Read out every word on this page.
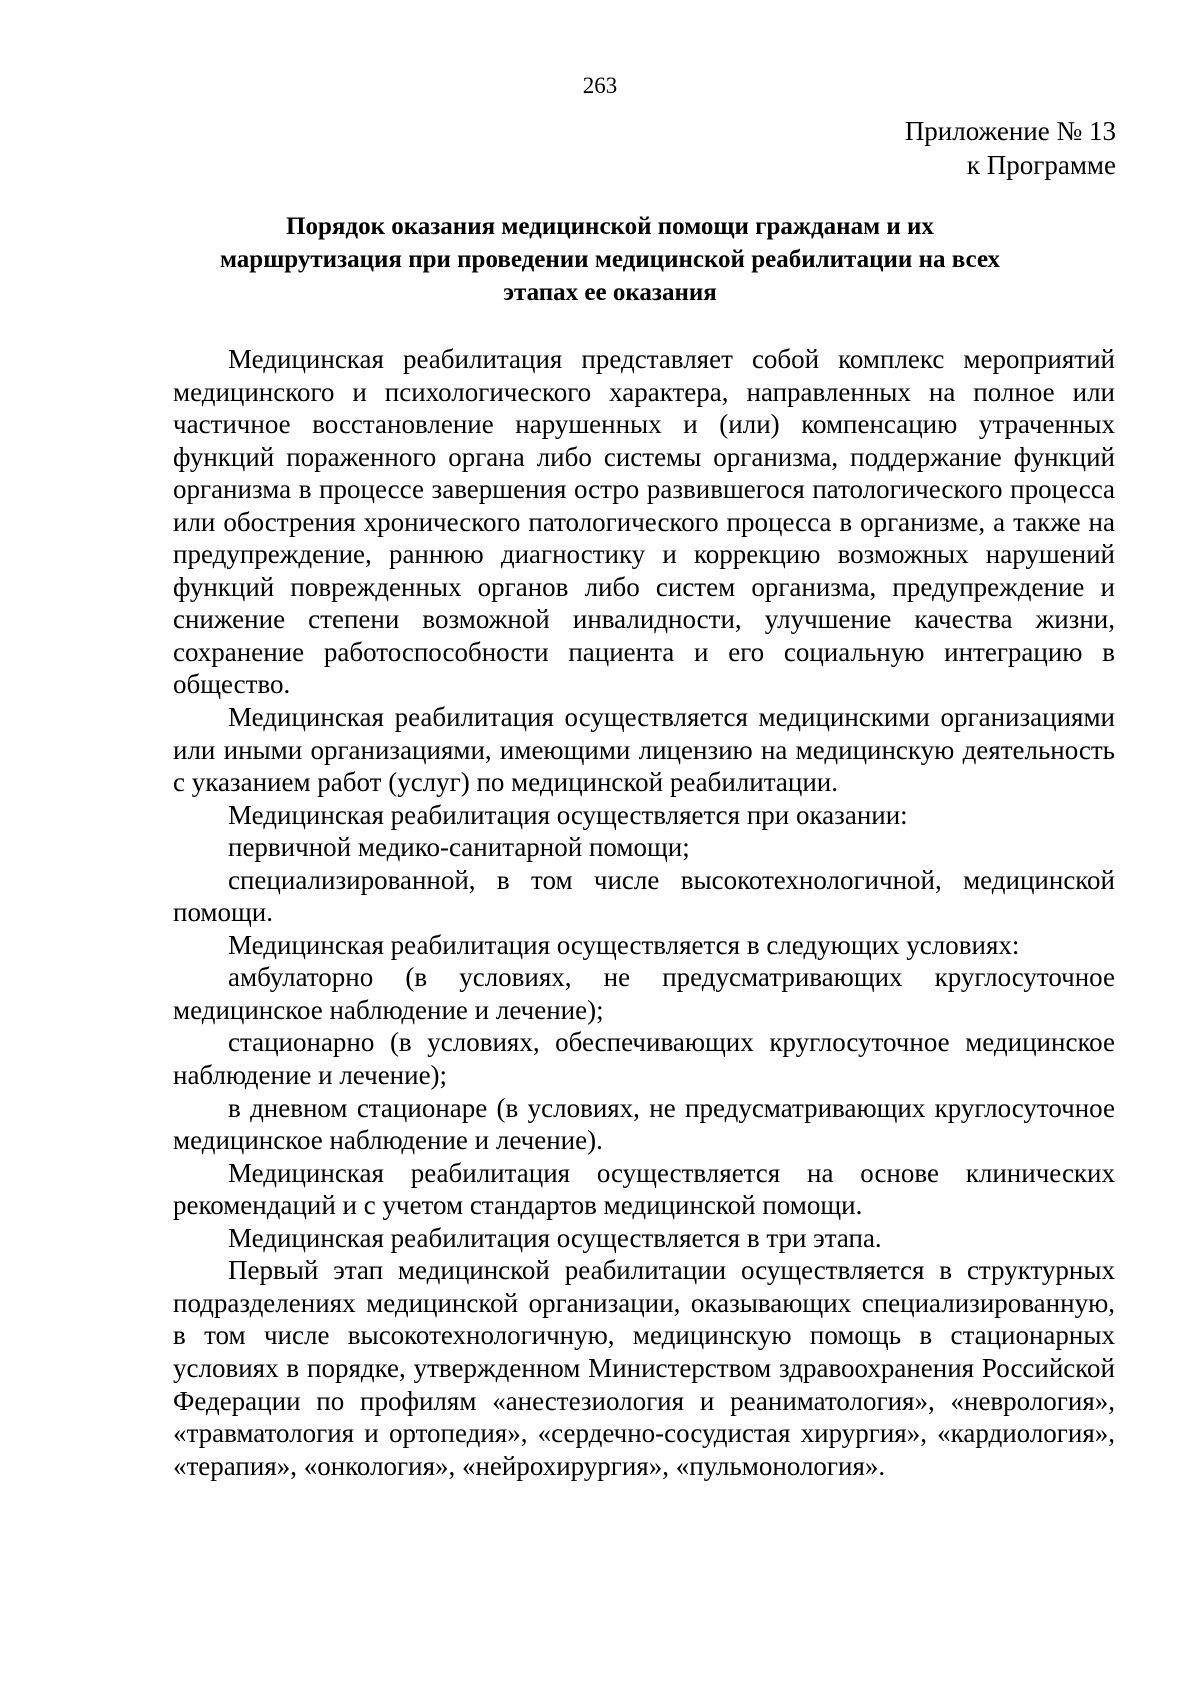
263
Приложение № 13
к Программе
Порядок оказания медицинской помощи гражданам и их
маршрутизация при проведении медицинской реабилитации на всех
этапах ее оказания

Медицинская реабилитация представляет собой комплекс мероприятий медицинского и психологического характера, направленных на полное или частичное восстановление нарушенных и (или) компенсацию утраченных функций пораженного органа либо системы организма, поддержание функций организма в процессе завершения остро развившегося патологического процесса или обострения хронического патологического процесса в организме, а также на предупреждение, раннюю диагностику и коррекцию возможных нарушений функций поврежденных органов либо систем организма, предупреждение и снижение степени возможной инвалидности, улучшение качества жизни, сохранение работоспособности пациента и его социальную интеграцию в общество.

Медицинская реабилитация осуществляется медицинскими организациями или иными организациями, имеющими лицензию на медицинскую деятельность с указанием работ (услуг) по медицинской реабилитации.

Медицинская реабилитация осуществляется при оказании:

первичной медико-санитарной помощи;

специализированной, в том числе высокотехнологичной, медицинской помощи.

Медицинская реабилитация осуществляется в следующих условиях:

амбулаторно (в условиях, не предусматривающих круглосуточное медицинское наблюдение и лечение);

стационарно (в условиях, обеспечивающих круглосуточное медицинское наблюдение и лечение);

в дневном стационаре (в условиях, не предусматривающих круглосуточное медицинское наблюдение и лечение).

Медицинская реабилитация осуществляется на основе клинических рекомендаций и с учетом стандартов медицинской помощи.

Медицинская реабилитация осуществляется в три этапа.

Первый этап медицинской реабилитации осуществляется в структурных подразделениях медицинской организации, оказывающих специализированную, в том числе высокотехнологичную, медицинскую помощь в стационарных условиях в порядке, утвержденном Министерством здравоохранения Российской Федерации по профилям «анестезиология и реаниматология», «неврология», «травматология и ортопедия», «сердечно-сосудистая хирургия», «кардиология», «терапия», «онкология», «нейрохирургия», «пульмонология».
